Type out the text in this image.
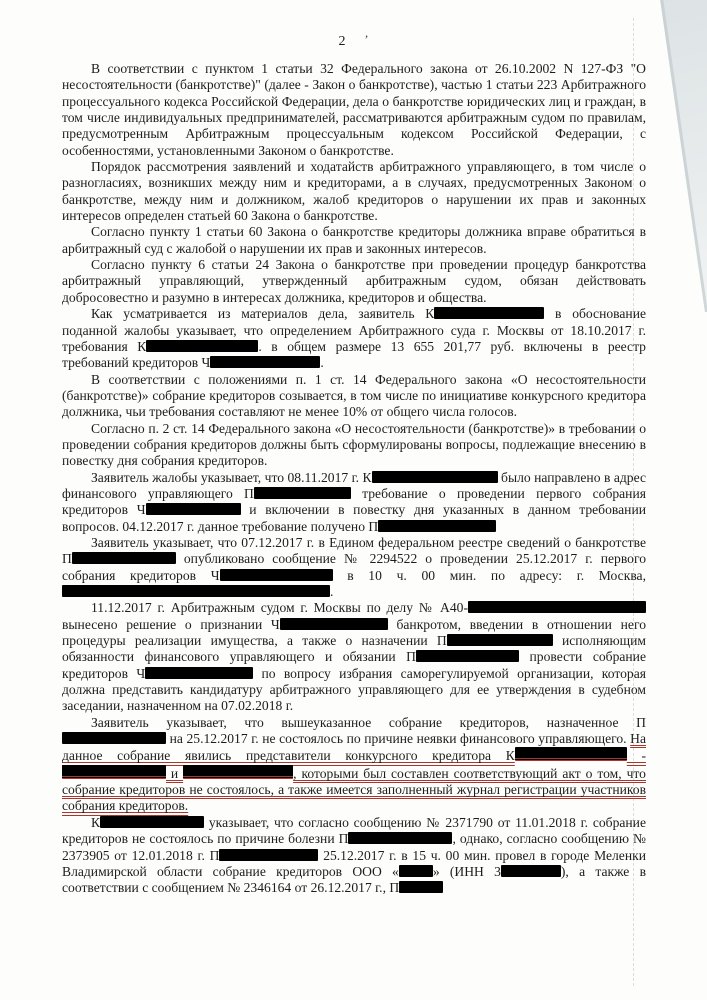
2 ’

В соответствии с пунктом 1 статьи 32 Федерального закона от 26.10.2002 N 127-ФЗ "О несостоятельности (банкротстве)" (далее - Закон о банкротстве), частью 1 статьи 223 Арбитражного процессуального кодекса Российской Федерации, дела о банкротстве юридических лиц и граждан, в том числе индивидуальных предпринимателей, рассматриваются арбитражным судом по правилам, предусмотренным Арбитражным процессуальным кодексом Российской Федерации, с особенностями, установленными Законом о банкротстве.

Порядок рассмотрения заявлений и ходатайств арбитражного управляющего, в том числе о разногласиях, возникших между ним и кредиторами, а в случаях, предусмотренных Законом о банкротстве, между ним и должником, жалоб кредиторов о нарушении их прав и законных интересов определен статьей 60 Закона о банкротстве.

Согласно пункту 1 статьи 60 Закона о банкротстве кредиторы должника вправе обратиться в арбитражный суд с жалобой о нарушении их прав и законных интересов.

Согласно пункту 6 статьи 24 Закона о банкротстве при проведении процедур банкротства арбитражный управляющий, утвержденный арбитражным судом, обязан действовать добросовестно и разумно в интересах должника, кредиторов и общества.

Как усматривается из материалов дела, заявитель К	в обоснование поданной жалобы указывает, что определением Арбитражного суда г. Москвы от 18.10.2017 г. требования К	. в общем размере 13 655 201,77 руб. включены в реестр требований кредиторов Ч	.

В соответствии с положениями п. 1 ст. 14 Федерального закона «О несостоятельности (банкротстве)» собрание кредиторов созывается, в том числе по инициативе конкурсного кредитора должника, чьи требования составляют не менее 10% от общего числа голосов.

Согласно п. 2 ст. 14 Федерального закона «О несостоятельности (банкротстве)» в требовании о проведении собрания кредиторов должны быть сформулированы вопросы, подлежащие внесению в повестку дня собрания кредиторов.

Заявитель жалобы указывает, что 08.11.2017 г. К	было направлено в адрес финансового управляющего П	требование о проведении первого собрания кредиторов Ч	и включении в повестку дня указанных в данном требовании вопросов. 04.12.2017 г. данное требование получено П

Заявитель указывает, что 07.12.2017 г. в Едином федеральном реестре сведений о банкротстве П	опубликовано сообщение № 2294522 о проведении 25.12.2017 г. первого собрания кредиторов Ч	в 10 ч. 00 мин. по адресу: г. Москва, .

11.12.2017 г. Арбитражным судом г. Москвы по делу № А40- вынесено решение о признании Ч	банкротом, введении в отношении него процедуры реализации имущества, а также о назначении П	исполняющим обязанности финансового управляющего и обязании П	провести собрание кредиторов Ч	по вопросу избрания саморегулируемой организации, которая должна представить кандидатуру арбитражного управляющего для ее утверждения в судебном заседании, назначенном на 07.02.2018 г.

Заявитель указывает, что вышеуказанное собрание кредиторов, назначенное П на 25.12.2017 г. не состоялось по причине неявки финансового управляющего. На данное собрание явились представители конкурсного кредитора К	-  и	, которыми был составлен соответствующий акт о том, что собрание кредиторов не состоялось, а также имеется заполненный журнал регистрации участников собрания кредиторов.

К	указывает, что согласно сообщению № 2371790 от 11.01.2018 г. собрание кредиторов не состоялось по причине болезни П	, однако, согласно сообщению № 2373905 от 12.01.2018 г. П	25.12.2017 г. в 15 ч. 00 мин. провел в городе Меленки Владимирской области собрание кредиторов ООО «	» (ИНН 3	), а также в соответствии с сообщением № 2346164 от 26.12.2017 г., П
